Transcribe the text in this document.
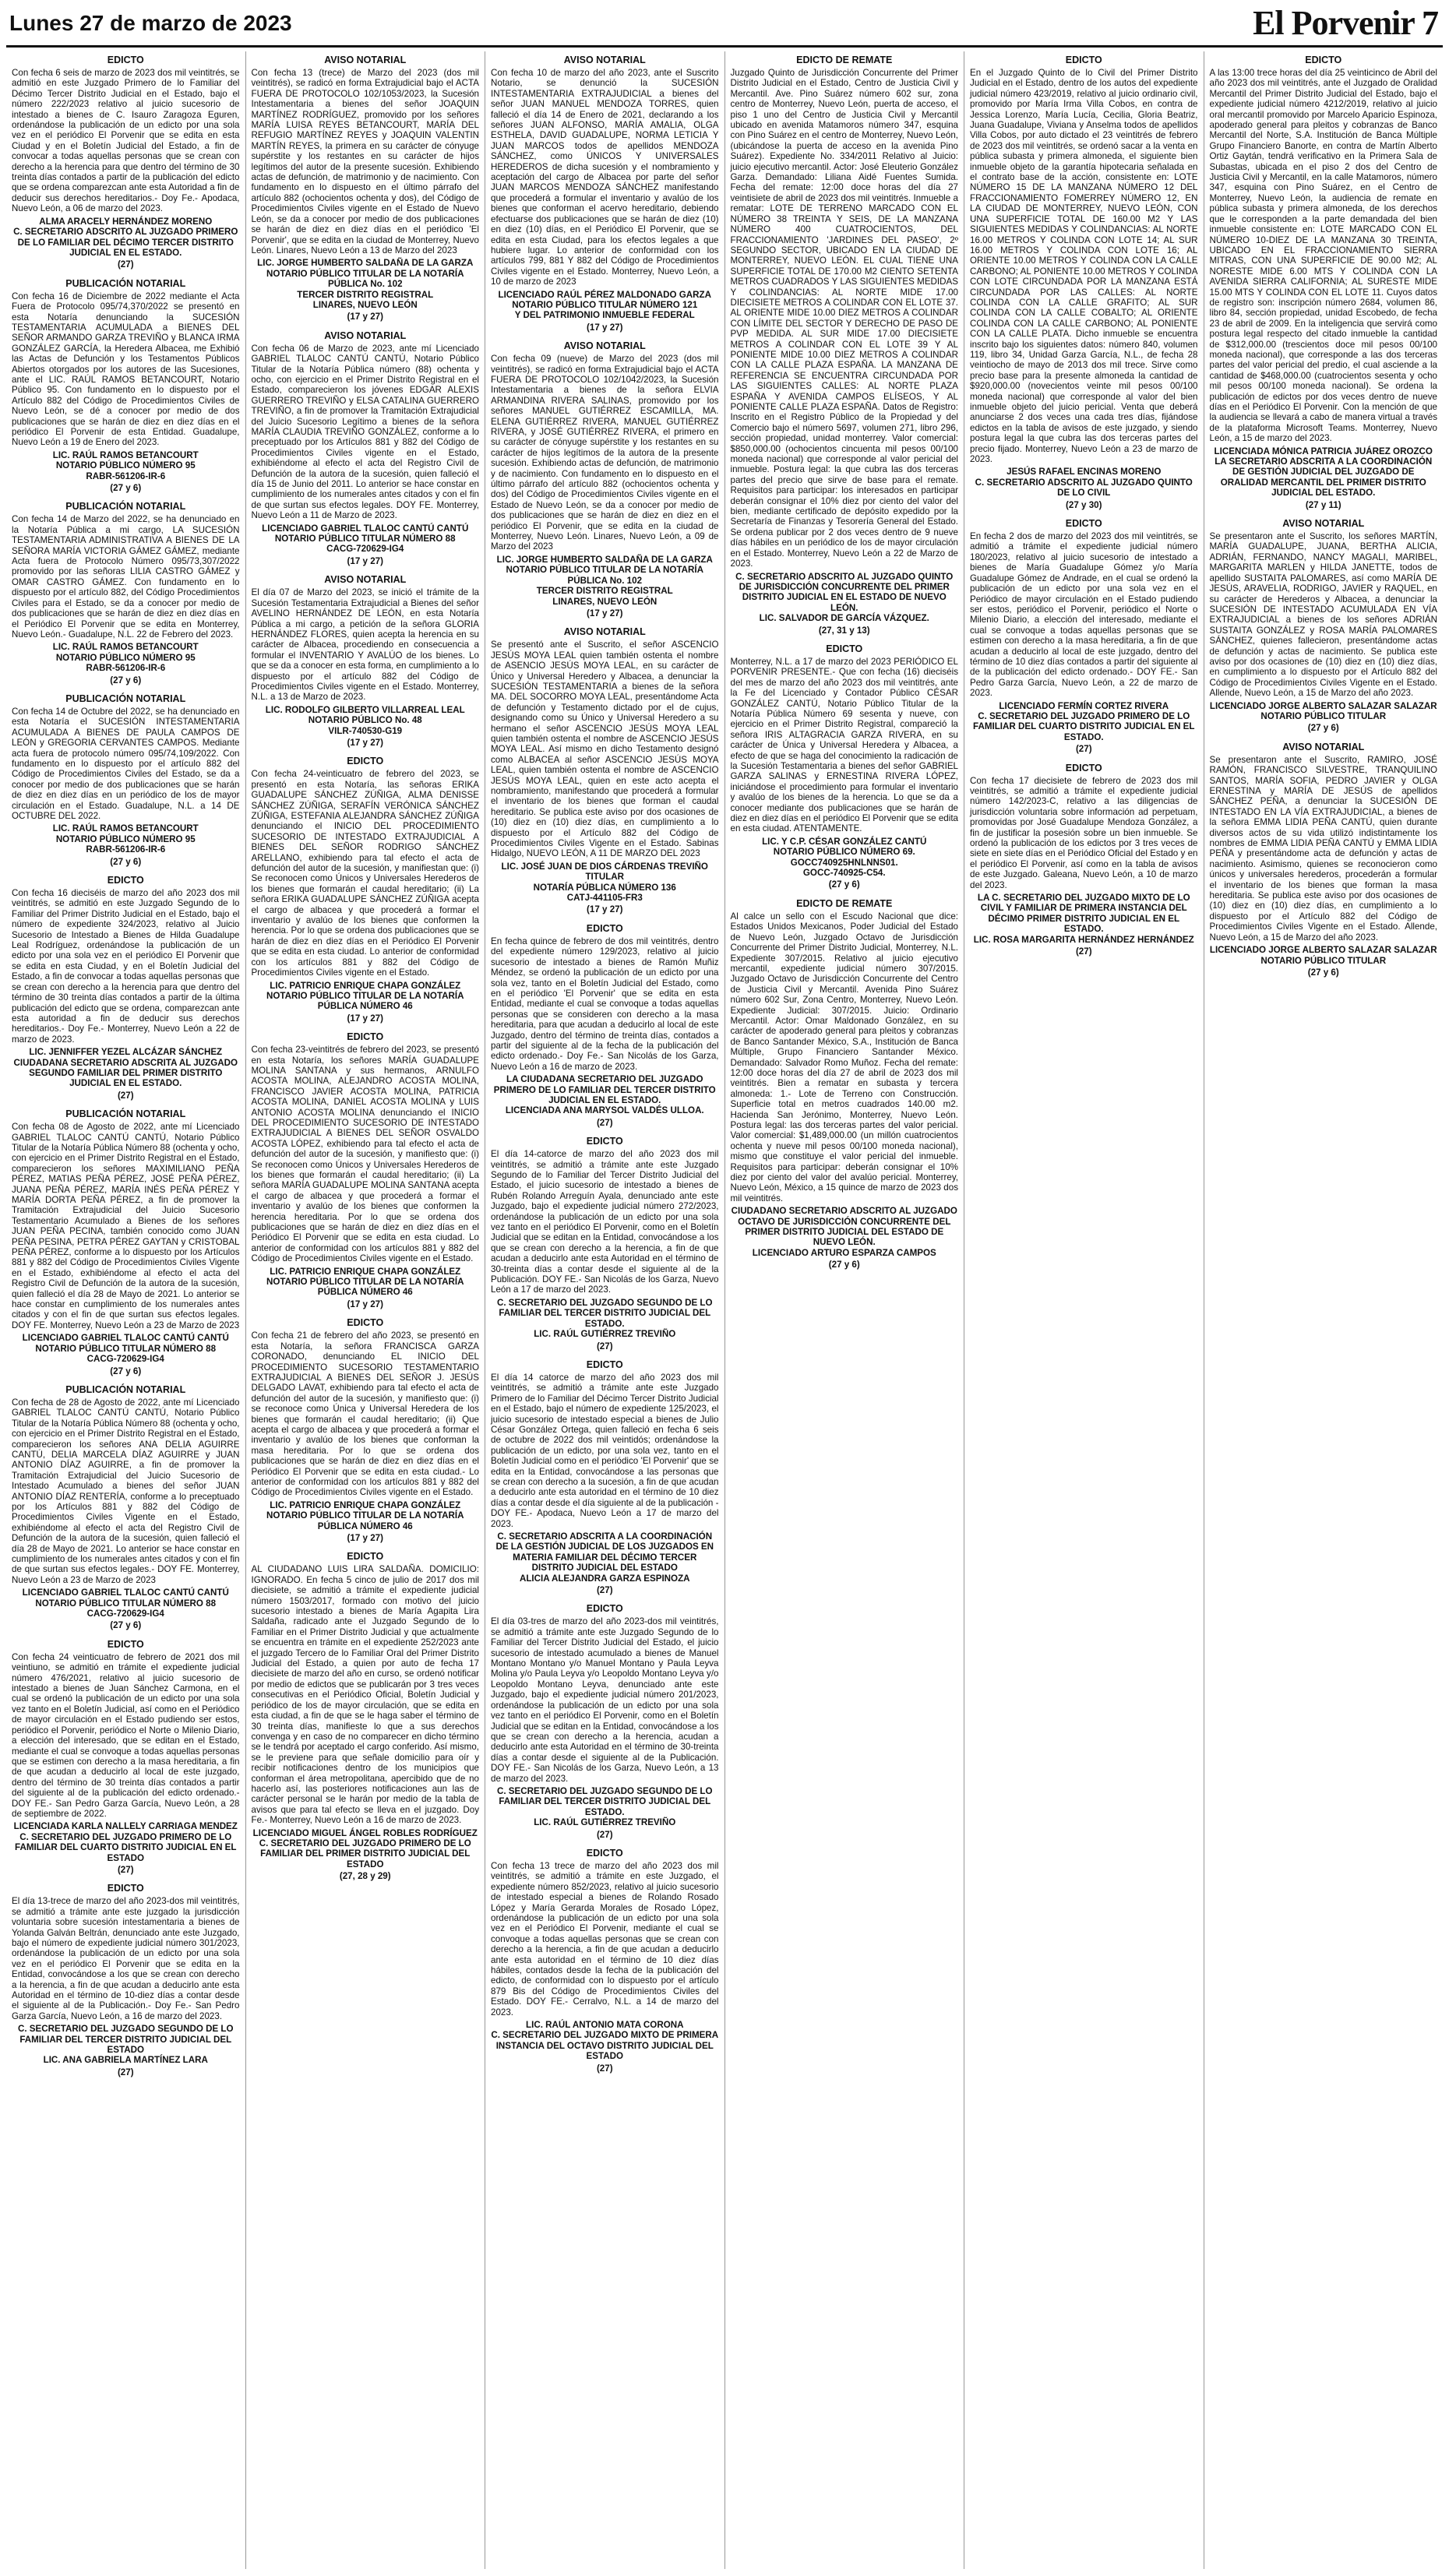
Lunes 27 de marzo de 2023	El Porvenir 7
EDICTO
Con fecha 6 seis de marzo de 2023 dos mil veintitrés, se admitió en este Juzgado Primero de lo Familiar del Décimo Tercer Distrito Judicial en el Estado, bajo el número 222/2023 relativo al juicio sucesorio de intestado a bienes de C. Isauro Zaragoza Eguren, ordenándose la publicación de un edicto por una sola vez en el periódico El Porvenir que se edita en esta Ciudad y en el Boletín Judicial del Estado, a fin de convocar a todas aquellas personas que se crean con derecho a la herencia para que dentro del término de 30 treinta días contados a partir de la publicación del edicto que se ordena comparezcan ante esta Autoridad a fin de deducir sus derechos hereditarios.- Doy Fe.- Apodaca, Nuevo León, a 06 de marzo del 2023.
ALMA ARACELY HERNÁNDEZ MORENO
C. SECRETARIO ADSCRITO AL JUZGADO PRIMERO DE LO FAMILIAR DEL DÉCIMO TERCER DISTRITO JUDICIAL EN EL ESTADO.
(27)
PUBLICACIÓN NOTARIAL
Con fecha 16 de Diciembre de 2022 mediante el Acta Fuera de Protocolo 095/74,370/2022 se presentó en esta Notaría denunciando la SUCESIÓN TESTAMENTARIA ACUMULADA a BIENES DEL SEÑOR ARMANDO GARZA TREVIÑO y BLANCA IRMA GONZÁLEZ GARCÍA, la Heredera Albacea, me Exhibió las Actas de Defunción y los Testamentos Públicos Abiertos otorgados por los autores de las Sucesiones, ante el LIC. RAÚL RAMOS BETANCOURT, Notario Público 95. Con fundamento en lo dispuesto por el Artículo 882 del Código de Procedimientos Civiles de Nuevo León, se dé a conocer por medio de dos publicaciones que se harán de diez en diez días en el periódico El Porvenir de esta Entidad. Guadalupe, Nuevo León a 19 de Enero del 2023.
LIC. RAÚL RAMOS BETANCOURT
NOTARIO PÚBLICO NÚMERO 95
RABR-561206-IR-6
(27 y 6)
PUBLICACIÓN NOTARIAL
Con fecha 14 de Marzo del 2022, se ha denunciado en la Notaría Pública a mi cargo, LA SUCESIÓN TESTAMENTARIA ADMINISTRATIVA A BIENES DE LA SEÑORA MARÍA VICTORIA GÁMEZ GÁMEZ, mediante Acta fuera de Protocolo Número 095/73,307/2022 promovido por las señoras LILIA CASTRO GÁMEZ y OMAR CASTRO GÁMEZ. Con fundamento en lo dispuesto por el artículo 882, del Código Procedimientos Civiles para el Estado, se da a conocer por medio de dos publicaciones que se harán de diez en diez días en el Periódico El Porvenir que se edita en Monterrey, Nuevo León.- Guadalupe, N.L. 22 de Febrero del 2023.
LIC. RAÚL RAMOS BETANCOURT
NOTARIO PÚBLICO NÚMERO 95
RABR-561206-IR-6
(27 y 6)
PUBLICACIÓN NOTARIAL
Con fecha 14 de Octubre del 2022, se ha denunciado en esta Notaría el SUCESIÓN INTESTAMENTARIA ACUMULADA A BIENES DE PAULA CAMPOS DE LEÓN y GREGORIA CERVANTES CAMPOS. Mediante acta fuera de protocolo número 095/74,109/2022. Con fundamento en lo dispuesto por el artículo 882 del Código de Procedimientos Civiles del Estado, se da a conocer por medio de dos publicaciones que se harán de diez en diez días en un periódico de los de mayor circulación en el Estado. Guadalupe, N.L. a 14 DE OCTUBRE DEL 2022.
LIC. RAÚL RAMOS BETANCOURT
NOTARIO PÚBLICO NÚMERO 95
RABR-561206-IR-6
(27 y 6)
EDICTO
Con fecha 16 dieciséis de marzo del año 2023 dos mil veintitrés, se admitió en este Juzgado Segundo de lo Familiar del Primer Distrito Judicial en el Estado, bajo el número de expediente 324/2023, relativo al Juicio Sucesorio de Intestado a Bienes de Hilda Guadalupe Leal Rodríguez, ordenándose la publicación de un edicto por una sola vez en el periódico El Porvenir que se edita en esta Ciudad, y en el Boletín Judicial del Estado, a fin de convocar a todas aquellas personas que se crean con derecho a la herencia para que dentro del término de 30 treinta días contados a partir de la última publicación del edicto que se ordena, comparezcan ante esta autoridad a fin de deducir sus derechos hereditarios.- Doy Fe.- Monterrey, Nuevo León a 22 de marzo de 2023.
LIC. JENNIFFER YEZEL ALCÁZAR SÁNCHEZ
CIUDADANA SECRETARIO ADSCRITA AL JUZGADO SEGUNDO FAMILIAR DEL PRIMER DISTRITO JUDICIAL EN EL ESTADO.
(27)
PUBLICACIÓN NOTARIAL
Con fecha 08 de Agosto de 2022, ante mí Licenciado GABRIEL TLALOC CANTÚ CANTÚ, Notario Público Titular de la Notaría Pública Número 88 (ochenta y ocho, con ejercicio en el Primer Distrito Registral en el Estado, comparecieron los señores MAXIMILIANO PEÑA PÉREZ, MATIAS PEÑA PÉREZ, JOSÉ PEÑA PÉREZ, JUANA PEÑA PÉREZ, MARÍA INÉS PEÑA PÉREZ Y MARÍA DORTA PEÑA PÉREZ, a fin de promover la Tramitación Extrajudicial del Juicio Sucesorio Testamentario Acumulado a Bienes de los señores JUAN PEÑA PECINA, también conocido como JUAN PEÑA PESINA, PETRA PÉREZ GAYTAN y CRISTOBAL PEÑA PÉREZ, conforme a lo dispuesto por los Artículos 881 y 882 del Código de Procedimientos Civiles Vigente en el Estado, exhibiéndome al efecto el acta del Registro Civil de Defunción de la autora de la sucesión, quien falleció el día 28 de Mayo de 2021. Lo anterior se hace constar en cumplimiento de los numerales antes citados y con el fin de que surtan sus efectos legales. DOY FE. Monterrey, Nuevo León a 23 de Marzo de 2023
LICENCIADO GABRIEL TLALOC CANTÚ CANTÚ
NOTARIO PÚBLICO TITULAR NÚMERO 88
CACG-720629-IG4
(27 y 6)
PUBLICACIÓN NOTARIAL
Con fecha de 28 de Agosto de 2022, ante mí Licenciado GABRIEL TLALOC CANTÚ CANTÚ, Notario Público Titular de la Notaría Pública Número 88 (ochenta y ocho, con ejercicio en el Primer Distrito Registral en el Estado, comparecieron los señores ANA DELIA AGUIRRE CANTÚ, DELIA MARCELA DÍAZ AGUIRRE y JUAN ANTONIO DÍAZ AGUIRRE, a fin de promover la Tramitación Extrajudicial del Juicio Sucesorio de Intestado Acumulado a bienes del señor JUAN ANTONIO DÍAZ RENTERÍA, conforme a lo preceptuado por los Artículos 881 y 882 del Código de Procedimientos Civiles Vigente en el Estado, exhibiéndome al efecto el acta del Registro Civil de Defunción de la autora de la sucesión, quien falleció el día 28 de Mayo de 2021. Lo anterior se hace constar en cumplimiento de los numerales antes citados y con el fin de que surtan sus efectos legales.- DOY FE. Monterrey, Nuevo León a 23 de Marzo de 2023
LICENCIADO GABRIEL TLALOC CANTÚ CANTÚ
NOTARIO PÚBLICO TITULAR NÚMERO 88
CACG-720629-IG4
(27 y 6)
EDICTO
Con fecha 24 veinticuatro de febrero de 2021 dos mil veintiuno, se admitió en trámite el expediente judicial número 476/2021, relativo al juicio sucesorio de intestado a bienes de Juan Sánchez Carmona, en el cual se ordenó la publicación de un edicto por una sola vez tanto en el Boletín Judicial, así como en el Periódico de mayor circulación en el Estado pudiendo ser estos, periódico el Porvenir, periódico el Norte o Milenio Diario, a elección del interesado, que se editan en el Estado, mediante el cual se convoque a todas aquellas personas que se estimen con derecho a la masa hereditaria, a fin de que acudan a deducirlo al local de este juzgado, dentro del término de 30 treinta días contados a partir del siguiente al de la publicación del edicto ordenado.- DOY FE.- San Pedro Garza García, Nuevo León, a 28 de septiembre de 2022.
LICENCIADA KARLA NALLELY CARRIAGA MENDEZ
C. SECRETARIO DEL JUZGADO PRIMERO DE LO FAMILIAR DEL CUARTO DISTRITO JUDICIAL EN EL ESTADO
(27)
EDICTO
El día 13-trece de marzo del año 2023-dos mil veintitrés, se admitió a trámite ante este juzgado la jurisdicción voluntaria sobre sucesión intestamentaria a bienes de Yolanda Galván Beltrán, denunciado ante este Juzgado, bajo el número de expediente judicial número 301/2023, ordenándose la publicación de un edicto por una sola vez en el periódico El Porvenir que se edita en la Entidad, convocándose a los que se crean con derecho a la herencia, a fin de que acudan a deducirlo ante esta Autoridad en el término de 10-diez días a contar desde el siguiente al de la Publicación.- Doy Fe.- San Pedro Garza García, Nuevo León, a 16 de marzo del 2023.
C. SECRETARIO DEL JUZGADO SEGUNDO DE LO FAMILIAR DEL TERCER DISTRITO JUDICIAL DEL ESTADO
LIC. ANA GABRIELA MARTÍNEZ LARA
(27)
AVISO NOTARIAL
Con fecha 13 (trece) de Marzo del 2023 (dos mil veintitrés), se radicó en forma Extrajudicial bajo el ACTA FUERA DE PROTOCOLO 102/1053/2023, la Sucesión Intestamentaria a bienes del señor JOAQUIN MARTÍNEZ RODRÍGUEZ, promovido por los señores MARÍA LUISA REYES BETANCOURT, MARÍA DEL REFUGIO MARTÍNEZ REYES y JOAQUIN VALENTIN MARTÍN REYES, la primera en su carácter de cónyuge supérstite y los restantes en su carácter de hijos legítimos del autor de la presente sucesión. Exhibiendo actas de defunción, de matrimonio y de nacimiento. Con fundamento en lo dispuesto en el último párrafo del artículo 882 (ochocientos ochenta y dos), del Código de Procedimientos Civiles vigente en el Estado de Nuevo León, se da a conocer por medio de dos publicaciones se harán de diez en diez días en el periódico 'El Porvenir', que se edita en la ciudad de Monterrey, Nuevo León. Linares, Nuevo León a 13 de Marzo del 2023
LIC. JORGE HUMBERTO SALDAÑA DE LA GARZA
NOTARIO PÚBLICO TITULAR DE LA NOTARÍA PÚBLICA No. 102
TERCER DISTRITO REGISTRAL
LINARES, NUEVO LEÓN
(17 y 27)
AVISO NOTARIAL
Con fecha 06 de Marzo de 2023, ante mí Licenciado GABRIEL TLALOC CANTÚ CANTÚ, Notario Público Titular de la Notaría Pública número (88) ochenta y ocho, con ejercicio en el Primer Distrito Registral en el Estado, comparecieron los jóvenes EDGAR ALEXIS GUERRERO TREVIÑO y ELSA CATALINA GUERRERO TREVIÑO, a fin de promover la Tramitación Extrajudicial del Juicio Sucesorio Legítimo a bienes de la señora MARÍA CLAUDIA TREVIÑO GONZÁLEZ, conforme a lo preceptuado por los Artículos 881 y 882 del Código de Procedimientos Civiles vigente en el Estado, exhibiéndome al efecto el acta del Registro Civil de Defunción de la autora de la sucesión, quien falleció el día 15 de Junio del 2011. Lo anterior se hace constar en cumplimiento de los numerales antes citados y con el fin de que surtan sus efectos legales. DOY FE. Monterrey, Nuevo León a 11 de Marzo de 2023.
LICENCIADO GABRIEL TLALOC CANTÚ CANTÚ
NOTARIO PÚBLICO TITULAR NÚMERO 88
CACG-720629-IG4
(17 y 27)
AVISO NOTARIAL
El día 07 de Marzo del 2023, se inició el trámite de la Sucesión Testamentaria Extrajudicial a Bienes del señor AVELINO HERNÁNDEZ DE LEÓN, en esta Notaría Pública a mi cargo, a petición de la señora GLORIA HERNÁNDEZ FLORES, quien acepta la herencia en su carácter de Albacea, procediendo en consecuencia a formular el INVENTARIO Y AVALÚO de los bienes. Lo que se da a conocer en esta forma, en cumplimiento a lo dispuesto por el artículo 882 del Código de Procedimientos Civiles vigente en el Estado. Monterrey, N.L. a 13 de Marzo de 2023.
LIC. RODOLFO GILBERTO VILLARREAL LEAL
NOTARIO PÚBLICO No. 48
VILR-740530-G19
(17 y 27)
EDICTO
Con fecha 24-veinticuatro de febrero del 2023, se presentó en esta Notaría, las señoras ERIKA GUADALUPE SÁNCHEZ ZÚÑIGA, ALMA DENISSE SÁNCHEZ ZÚÑIGA, SERAFÍN VERÓNICA SÁNCHEZ ZÚÑIGA, ESTEFANIA ALEJANDRA SÁNCHEZ ZÚÑIGA denunciando el INICIO DEL PROCEDIMIENTO SUCESORIO DE INTESTADO EXTRAJUDICIAL A BIENES DEL SEÑOR RODRIGO SÁNCHEZ ARELLANO, exhibiendo para tal efecto el acta de defunción del autor de la sucesión, y manifiestan que: (i) Se reconocen como Únicos y Universales Herederos de los bienes que formarán el caudal hereditario; (ii) La señora ERIKA GUADALUPE SÁNCHEZ ZÚÑIGA acepta el cargo de albacea y que procederá a formar el inventario y avalúo de los bienes que conformen la herencia. Por lo que se ordena dos publicaciones que se harán de diez en diez días en el Periódico El Porvenir que se edita en esta ciudad. Lo anterior de conformidad con los artículos 881 y 882 del Código de Procedimientos Civiles vigente en el Estado.
LIC. PATRICIO ENRIQUE CHAPA GONZÁLEZ
NOTARIO PÚBLICO TITULAR DE LA NOTARÍA PÚBLICA NÚMERO 46
(17 y 27)
EDICTO
Con fecha 23-veintitrés de febrero del 2023, se presentó en esta Notaría, los señores MARÍA GUADALUPE MOLINA SANTANA y sus hermanos, ARNULFO ACOSTA MOLINA, ALEJANDRO ACOSTA MOLINA, FRANCISCO JAVIER ACOSTA MOLINA, PATRICIA ACOSTA MOLINA, DANIEL ACOSTA MOLINA y LUIS ANTONIO ACOSTA MOLINA denunciando el INICIO DEL PROCEDIMIENTO SUCESORIO DE INTESTADO EXTRAJUDICIAL A BIENES DEL SEÑOR OSVALDO ACOSTA LÓPEZ, exhibiendo para tal efecto el acta de defunción del autor de la sucesión, y manifiesto que: (i) Se reconocen como Únicos y Universales Herederos de los bienes que formarán el caudal hereditario; (ii) La señora MARÍA GUADALUPE MOLINA SANTANA acepta el cargo de albacea y que procederá a formar el inventario y avalúo de los bienes que conformen la herencia hereditaria. Por lo que se ordena dos publicaciones que se harán de diez en diez días en el Periódico El Porvenir que se edita en esta ciudad. Lo anterior de conformidad con los artículos 881 y 882 del Código de Procedimientos Civiles vigente en el Estado.
LIC. PATRICIO ENRIQUE CHAPA GONZÁLEZ
NOTARIO PÚBLICO TITULAR DE LA NOTARÍA PÚBLICA NÚMERO 46
(17 y 27)
EDICTO
Con fecha 21 de febrero del año 2023, se presentó en esta Notaría, la señora FRANCISCA GARZA CORONADO, denunciando EL INICIO DEL PROCEDIMIENTO SUCESORIO TESTAMENTARIO EXTRAJUDICIAL A BIENES DEL SEÑOR J. JESÚS DELGADO LAVAT, exhibiendo para tal efecto el acta de defunción del autor de la sucesión, y manifiesto que: (i) se reconoce como Única y Universal Heredera de los bienes que formarán el caudal hereditario; (ii) Que acepta el cargo de albacea y que procederá a formar el inventario y avalúo de los bienes que conforman la masa hereditaria. Por lo que se ordena dos publicaciones que se harán de diez en diez días en el Periódico El Porvenir que se edita en esta ciudad.- Lo anterior de conformidad con los artículos 881 y 882 del Código de Procedimientos Civiles vigente en el Estado.
LIC. PATRICIO ENRIQUE CHAPA GONZÁLEZ
NOTARIO PÚBLICO TITULAR DE LA NOTARÍA PÚBLICA NÚMERO 46
(17 y 27)
EDICTO
AL CIUDADANO LUIS LIRA SALDAÑA. DOMICILIO: IGNORADO. En fecha 5 cinco de julio de 2017 dos mil diecisiete, se admitió a trámite el expediente judicial número 1503/2017, formado con motivo del juicio sucesorio intestado a bienes de María Agapita Lira Saldaña, radicado ante el Juzgado Segundo de lo Familiar en el Primer Distrito Judicial y que actualmente se encuentra en trámite en el expediente 252/2023 ante el juzgado Tercero de lo Familiar Oral del Primer Distrito Judicial del Estado, a quien por auto de fecha 17 diecisiete de marzo del año en curso, se ordenó notificar por medio de edictos que se publicarán por 3 tres veces consecutivas en el Periódico Oficial, Boletín Judicial y periódico de los de mayor circulación, que se edita en esta ciudad, a fin de que se le haga saber el término de 30 treinta días, manifieste lo que a sus derechos convenga y en caso de no comparecer en dicho término se le tendrá por aceptado el cargo conferido. Así mismo, se le previene para que señale domicilio para oír y recibir notificaciones dentro de los municipios que conforman el área metropolitana, apercibido que de no hacerlo así, las posteriores notificaciones aun las de carácter personal se le harán por medio de la tabla de avisos que para tal efecto se lleva en el juzgado. Doy Fe.- Monterrey, Nuevo León a 16 de marzo de 2023.
LICENCIADO MIGUEL ÁNGEL ROBLES RODRÍGUEZ
C. SECRETARIO DEL JUZGADO PRIMERO DE LO FAMILIAR DEL PRIMER DISTRITO JUDICIAL DEL ESTADO
(27, 28 y 29)
AVISO NOTARIAL
Con fecha 10 de marzo del año 2023, ante el Suscrito Notario, se denunció la SUCESIÓN INTESTAMENTARIA EXTRAJUDICIAL a bienes del señor JUAN MANUEL MENDOZA TORRES, quien falleció el día 14 de Enero de 2021, declarando a los señores JUAN ALFONSO, MARÍA AMALIA, OLGA ESTHELA, DAVID GUADALUPE, NORMA LETICIA Y JUAN MARCOS todos de apellidos MENDOZA SÁNCHEZ, como ÚNICOS Y UNIVERSALES HEREDEROS de dicha sucesión y el nombramiento y aceptación del cargo de Albacea por parte del señor JUAN MARCOS MENDOZA SÁNCHEZ manifestando que procederá a formular el inventario y avalúo de los bienes que conforman el acervo hereditario, debiendo efectuarse dos publicaciones que se harán de diez (10) en diez (10) días, en el Periódico El Porvenir, que se edita en esta Ciudad, para los efectos legales a que hubiere lugar. Lo anterior de conformidad con los artículos 799, 881 Y 882 del Código de Procedimientos Civiles vigente en el Estado. Monterrey, Nuevo León, a 10 de marzo de 2023
LICENCIADO RAÚL PÉREZ MALDONADO GARZA
NOTARIO PÚBLICO TITULAR NÚMERO 121
Y DEL PATRIMONIO INMUEBLE FEDERAL
(17 y 27)
AVISO NOTARIAL
Con fecha 09 (nueve) de Marzo del 2023 (dos mil veintitrés), se radicó en forma Extrajudicial bajo el ACTA FUERA DE PROTOCOLO 102/1042/2023, la Sucesión Intestamentaria a bienes de la señora ELVIA ARMANDINA RIVERA SALINAS, promovido por los señores MANUEL GUTIÉRREZ ESCAMILLA, MA. ELENA GUTIÉRREZ RIVERA, MANUEL GUTIÉRREZ RIVERA, y JOSÉ GUTIÉRREZ RIVERA, el primero en su carácter de cónyuge supérstite y los restantes en su carácter de hijos legítimos de la autora de la presente sucesión. Exhibiendo actas de defunción, de matrimonio y de nacimiento. Con fundamento en lo dispuesto en el último párrafo del artículo 882 (ochocientos ochenta y dos) del Código de Procedimientos Civiles vigente en el Estado de Nuevo León, se da a conocer por medio de dos publicaciones que se harán de diez en diez en el periódico El Porvenir, que se edita en la ciudad de Monterrey, Nuevo León. Linares, Nuevo León, a 09 de Marzo del 2023
LIC. JORGE HUMBERTO SALDAÑA DE LA GARZA
NOTARIO PÚBLICO TITULAR DE LA NOTARÍA PÚBLICA No. 102
TERCER DISTRITO REGISTRAL
LINARES, NUEVO LEÓN
(17 y 27)
AVISO NOTARIAL
Se presentó ante el Suscrito, el señor ASCENCIO JESÚS MOYA LEAL quien también ostenta el nombre de ASENCIO JESÚS MOYA LEAL, en su carácter de Único y Universal Heredero y Albacea, a denunciar la SUCESIÓN TESTAMENTARIA a bienes de la señora MA. DEL SOCORRO MOYA LEAL, presentándome Acta de defunción y Testamento dictado por el de cujus, designando como su Único y Universal Heredero a su hermano el señor ASCENCIO JESÚS MOYA LEAL quien también ostenta el nombre de ASCENCIO JESÚS MOYA LEAL. Así mismo en dicho Testamento designó como ALBACEA al señor ASCENCIO JESÚS MOYA LEAL, quien también ostenta el nombre de ASCENCIO JESÚS MOYA LEAL, quien en este acto acepta el nombramiento, manifestando que procederá a formular el inventario de los bienes que forman el caudal hereditario. Se publica este aviso por dos ocasiones de (10) diez en (10) diez días, en cumplimiento a lo dispuesto por el Artículo 882 del Código de Procedimientos Civiles Vigente en el Estado. Sabinas Hidalgo, NUEVO LEÓN, A 11 DE MARZO DEL 2023
LIC. JOSÉ JUAN DE DIOS CÁRDENAS TREVIÑO
TITULAR
NOTARÍA PÚBLICA NÚMERO 136
CATJ-441105-FR3
(17 y 27)
EDICTO
En fecha quince de febrero de dos mil veintitrés, dentro del expediente número 129/2023, relativo al juicio sucesorio de intestado a bienes de Ramón Muñiz Méndez, se ordenó la publicación de un edicto por una sola vez, tanto en el Boletín Judicial del Estado, como en el periódico 'El Porvenir' que se edita en esta Entidad, mediante el cual se convoque a todas aquellas personas que se consideren con derecho a la masa hereditaria, para que acudan a deducirlo al local de este Juzgado, dentro del término de treinta días, contados a partir del siguiente al de la fecha de la publicación del edicto ordenado.- Doy Fe.- San Nicolás de los Garza, Nuevo León a 16 de marzo de 2023.
LA CIUDADANA SECRETARIO DEL JUZGADO PRIMERO DE LO FAMILIAR DEL TERCER DISTRITO JUDICIAL EN EL ESTADO.
LICENCIADA ANA MARYSOL VALDÉS ULLOA.
(27)
EDICTO
El día 14-catorce de marzo del año 2023 dos mil veintitrés, se admitió a trámite ante este Juzgado Segundo de lo Familiar del Tercer Distrito Judicial del Estado, el juicio sucesorio de intestado a bienes de Rubén Rolando Arreguín Ayala, denunciado ante este Juzgado, bajo el expediente judicial número 272/2023, ordenándose la publicación de un edicto por una sola vez tanto en el periódico El Porvenir, como en el Boletín Judicial que se editan en la Entidad, convocándose a los que se crean con derecho a la herencia, a fin de que acudan a deducirlo ante esta Autoridad en el término de 30-treinta días a contar desde el siguiente al de la Publicación. DOY FE.- San Nicolás de los Garza, Nuevo León a 17 de marzo del 2023.
C. SECRETARIO DEL JUZGADO SEGUNDO DE LO FAMILIAR DEL TERCER DISTRITO JUDICIAL DEL ESTADO.
LIC. RAÚL GUTIÉRREZ TREVIÑO
(27)
EDICTO
El día 14 catorce de marzo del año 2023 dos mil veintitrés, se admitió a trámite ante este Juzgado Primero de lo Familiar del Décimo Tercer Distrito Judicial en el Estado, bajo el número de expediente 125/2023, el juicio sucesorio de intestado especial a bienes de Julio César González Ortega, quien falleció en fecha 6 seis de octubre de 2022 dos mil veintidós; ordenándose la publicación de un edicto, por una sola vez, tanto en el Boletín Judicial como en el periódico 'El Porvenir' que se edita en la Entidad, convocándose a las personas que se crean con derecho a la sucesión, a fin de que acudan a deducirlo ante esta autoridad en el término de 10 diez días a contar desde el día siguiente al de la publicación - DOY FE.- Apodaca, Nuevo León a 17 de marzo del 2023.
C. SECRETARIO ADSCRITA A LA COORDINACIÓN DE LA GESTIÓN JUDICIAL DE LOS JUZGADOS EN MATERIA FAMILIAR DEL DÉCIMO TERCER DISTRITO JUDICIAL DEL ESTADO
ALICIA ALEJANDRA GARZA ESPINOZA
(27)
EDICTO
El día 03-tres de marzo del año 2023-dos mil veintitrés, se admitió a trámite ante este Juzgado Segundo de lo Familiar del Tercer Distrito Judicial del Estado, el juicio sucesorio de intestado acumulado a bienes de Manuel Montano Montano y/o Manuel Montano y Paula Leyva Molina y/o Paula Leyva y/o Leopoldo Montano Leyva y/o Leopoldo Montano Leyva, denunciado ante este Juzgado, bajo el expediente judicial número 201/2023, ordenándose la publicación de un edicto por una sola vez tanto en el periódico El Porvenir, como en el Boletín Judicial que se editan en la Entidad, convocándose a los que se crean con derecho a la herencia, acudan a deducirlo ante esta Autoridad en el término de 30-treinta días a contar desde el siguiente al de la Publicación. DOY FE.- San Nicolás de los Garza, Nuevo León, a 13 de marzo del 2023.
C. SECRETARIO DEL JUZGADO SEGUNDO DE LO FAMILIAR DEL TERCER DISTRITO JUDICIAL DEL ESTADO.
LIC. RAÚL GUTIÉRREZ TREVIÑO
(27)
EDICTO
Con fecha 13 trece de marzo del año 2023 dos mil veintitrés, se admitió a trámite en este Juzgado, el expediente número 852/2023, relativo al juicio sucesorio de intestado especial a bienes de Rolando Rosado López y María Gerarda Morales de Rosado López, ordenándose la publicación de un edicto por una sola vez en el Periódico El Porvenir, mediante el cual se convoque a todas aquellas personas que se crean con derecho a la herencia, a fin de que acudan a deducirlo ante esta autoridad en el término de 10 diez días hábiles, contados desde la fecha de la publicación del edicto, de conformidad con lo dispuesto por el artículo 879 Bis del Código de Procedimientos Civiles del Estado. DOY FE.- Cerralvo, N.L. a 14 de marzo del 2023.
LIC. RAÚL ANTONIO MATA CORONA
C. SECRETARIO DEL JUZGADO MIXTO DE PRIMERA INSTANCIA DEL OCTAVO DISTRITO JUDICIAL DEL ESTADO
(27)
EDICTO DE REMATE
Juzgado Quinto de Jurisdicción Concurrente del Primer Distrito Judicial en el Estado, Centro de Justicia Civil y Mercantil. Ave. Pino Suárez número 602 sur, zona centro de Monterrey, Nuevo León, puerta de acceso, el piso 1 uno del Centro de Justicia Civil y Mercantil ubicado en avenida Matamoros número 347, esquina con Pino Suárez en el centro de Monterrey, Nuevo León, (ubicándose la puerta de acceso en la avenida Pino Suárez). Expediente No. 334/2011 Relativo al Juicio: juicio ejecutivo mercantil. Actor: José Eleuterio González Garza. Demandado: Liliana Aidé Fuentes Sumida. Fecha del remate: 12:00 doce horas del día 27 veintisiete de abril de 2023 dos mil veintitrés. Inmueble a rematar: LOTE DE TERRENO MARCADO CON EL NÚMERO 38 TREINTA Y SEIS, DE LA MANZANA NÚMERO 400 CUATROCIENTOS, DEL FRACCIONAMIENTO 'JARDINES DEL PASEO', 2º SEGUNDO SECTOR, UBICADO EN LA CIUDAD DE MONTERREY, NUEVO LEÓN. EL CUAL TIENE UNA SUPERFICIE TOTAL DE 170.00 M2 CIENTO SETENTA METROS CUADRADOS Y LAS SIGUIENTES MEDIDAS Y COLINDANCIAS: AL NORTE MIDE 17.00 DIECISIETE METROS A COLINDAR CON EL LOTE 37. AL ORIENTE MIDE 10.00 DIEZ METROS A COLINDAR CON LÍMITE DEL SECTOR Y DERECHO DE PASO DE PVP MEDIDA. AL SUR MIDE 17.00 DIECISIETE METROS A COLINDAR CON EL LOTE 39 Y AL PONIENTE MIDE 10.00 DIEZ METROS A COLINDAR CON LA CALLE PLAZA ESPAÑA. LA MANZANA DE REFERENCIA SE ENCUENTRA CIRCUNDADA POR LAS SIGUIENTES CALLES: AL NORTE PLAZA ESPAÑA Y AVENIDA CAMPOS ELÍSEOS, Y AL PONIENTE CALLE PLAZA ESPAÑA. Datos de Registro: Inscrito en el Registro Público de la Propiedad y del Comercio bajo el número 5697, volumen 271, libro 296, sección propiedad, unidad monterrey. Valor comercial: $850,000.00 (ochocientos cincuenta mil pesos 00/100 moneda nacional) que corresponde al valor pericial del inmueble. Postura legal: la que cubra las dos terceras partes del precio que sirve de base para el remate. Requisitos para participar: los interesados en participar deberán consignar el 10% diez por ciento del valor del bien, mediante certificado de depósito expedido por la Secretaría de Finanzas y Tesorería General del Estado. Se ordena publicar por 2 dos veces dentro de 9 nueve días hábiles en un periódico de los de mayor circulación en el Estado. Monterrey, Nuevo León a 22 de Marzo de 2023.
C. SECRETARIO ADSCRITO AL JUZGADO QUINTO DE JURISDICCIÓN CONCURRENTE DEL PRIMER DISTRITO JUDICIAL EN EL ESTADO DE NUEVO LEÓN.
LIC. SALVADOR DE GARCÍA VÁZQUEZ.
(27, 31 y 13)
EDICTO
Monterrey, N.L. a 17 de marzo del 2023 PERIÓDICO EL PORVENIR PRESENTE.- Que con fecha (16) dieciséis del mes de marzo del año 2023 dos mil veintitrés, ante la Fe del Licenciado y Contador Público CÉSAR GONZÁLEZ CANTÚ, Notario Público Titular de la Notaría Pública Número 69 sesenta y nueve, con ejercicio en el Primer Distrito Registral, compareció la señora IRIS ALTAGRACIA GARZA RIVERA, en su carácter de Única y Universal Heredera y Albacea, a efecto de que se haga del conocimiento la radicación de la Sucesión Testamentaria a bienes del señor GABRIEL GARZA SALINAS y ERNESTINA RIVERA LÓPEZ, iniciándose el procedimiento para formular el inventario y avalúo de los bienes de la herencia. Lo que se da a conocer mediante dos publicaciones que se harán de diez en diez días en el periódico El Porvenir que se edita en esta ciudad. ATENTAMENTE.
LIC. Y C.P. CÉSAR GONZÁLEZ CANTÚ
NOTARIO PÚBLICO NÚMERO 69.
GOCC740925HNLNNS01.
GOCC-740925-C54.
(27 y 6)
EDICTO DE REMATE
Al calce un sello con el Escudo Nacional que dice: Estados Unidos Mexicanos, Poder Judicial del Estado de Nuevo León, Juzgado Octavo de Jurisdicción Concurrente del Primer Distrito Judicial, Monterrey, N.L. Expediente 307/2015. Relativo al juicio ejecutivo mercantil, expediente judicial número 307/2015. Juzgado Octavo de Jurisdicción Concurrente del Centro de Justicia Civil y Mercantil. Avenida Pino Suárez número 602 Sur, Zona Centro, Monterrey, Nuevo León. Expediente Judicial: 307/2015. Juicio: Ordinario Mercantil. Actor: Omar Maldonado González, en su carácter de apoderado general para pleitos y cobranzas de Banco Santander México, S.A., Institución de Banca Múltiple, Grupo Financiero Santander México. Demandado: Salvador Romo Muñoz. Fecha del remate: 12:00 doce horas del día 27 de abril de 2023 dos mil veintitrés. Bien a rematar en subasta y tercera almoneda: 1.- Lote de Terreno con Construcción. Superficie total en metros cuadrados 140.00 m2. Hacienda San Jerónimo, Monterrey, Nuevo León. Postura legal: las dos terceras partes del valor pericial. Valor comercial: $1,489,000.00 (un millón cuatrocientos ochenta y nueve mil pesos 00/100 moneda nacional), mismo que constituye el valor pericial del inmueble. Requisitos para participar: deberán consignar el 10% diez por ciento del valor del avalúo pericial. Monterrey, Nuevo León, México, a 15 quince de marzo de 2023 dos mil veintitrés.
CIUDADANO SECRETARIO ADSCRITO AL JUZGADO OCTAVO DE JURISDICCIÓN CONCURRENTE DEL PRIMER DISTRITO JUDICIAL DEL ESTADO DE NUEVO LEÓN.
LICENCIADO ARTURO ESPARZA CAMPOS
(27 y 6)
EDICTO
En el Juzgado Quinto de lo Civil del Primer Distrito Judicial en el Estado, dentro de los autos del expediente judicial número 423/2019, relativo al juicio ordinario civil, promovido por María Irma Villa Cobos, en contra de Jessica Lorenzo, María Lucía, Cecilia, Gloria Beatriz, Juana Guadalupe, Viviana y Anselma todos de apellidos Villa Cobos, por auto dictado el 23 veintitrés de febrero de 2023 dos mil veintitrés, se ordenó sacar a la venta en pública subasta y primera almoneda, el siguiente bien inmueble objeto de la garantía hipotecaria señalada en el contrato base de la acción, consistente en: LOTE NÚMERO 15 DE LA MANZANA NÚMERO 12 DEL FRACCIONAMIENTO FOMERREY NÚMERO 12, EN LA CIUDAD DE MONTERREY, NUEVO LEÓN, CON UNA SUPERFICIE TOTAL DE 160.00 M2 Y LAS SIGUIENTES MEDIDAS Y COLINDANCIAS: AL NORTE 16.00 METROS Y COLINDA CON LOTE 14; AL SUR 16.00 METROS Y COLINDA CON LOTE 16; AL ORIENTE 10.00 METROS Y COLINDA CON LA CALLE CARBONO; AL PONIENTE 10.00 METROS Y COLINDA CON LOTE CIRCUNDADA POR LA MANZANA ESTÁ CIRCUNDADA POR LAS CALLES: AL NORTE COLINDA CON LA CALLE GRAFITO; AL SUR COLINDA CON LA CALLE COBALTO; AL ORIENTE COLINDA CON LA CALLE CARBONO; AL PONIENTE CON LA CALLE PLATA. Dicho inmueble se encuentra inscrito bajo los siguientes datos: número 840, volumen 119, libro 34, Unidad Garza García, N.L., de fecha 28 veintiocho de mayo de 2013 dos mil trece. Sirve como precio base para la presente almoneda la cantidad de $920,000.00 (novecientos veinte mil pesos 00/100 moneda nacional) que corresponde al valor del bien inmueble objeto del juicio pericial. Venta que deberá anunciarse 2 dos veces una cada tres días, fijándose edictos en la tabla de avisos de este juzgado, y siendo postura legal la que cubra las dos terceras partes del precio fijado. Monterrey, Nuevo León a 23 de marzo de 2023.
JESÚS RAFAEL ENCINAS MORENO
C. SECRETARIO ADSCRITO AL JUZGADO QUINTO DE LO CIVIL
(27 y 30)
EDICTO
En fecha 2 dos de marzo del 2023 dos mil veintitrés, se admitió a trámite el expediente judicial número 180/2023, relativo al juicio sucesorio de intestado a bienes de María Guadalupe Gómez y/o María Guadalupe Gómez de Andrade, en el cual se ordenó la publicación de un edicto por una sola vez en el Periódico de mayor circulación en el Estado pudiendo ser estos, periódico el Porvenir, periódico el Norte o Milenio Diario, a elección del interesado, mediante el cual se convoque a todas aquellas personas que se estimen con derecho a la masa hereditaria, a fin de que acudan a deducirlo al local de este juzgado, dentro del término de 10 diez días contados a partir del siguiente al de la publicación del edicto ordenado.- DOY FE.- San Pedro Garza García, Nuevo León, a 22 de marzo de 2023.
LICENCIADO FERMÍN CORTEZ RIVERA
C. SECRETARIO DEL JUZGADO PRIMERO DE LO FAMILIAR DEL CUARTO DISTRITO JUDICIAL EN EL ESTADO.
(27)
EDICTO
Con fecha 17 diecisiete de febrero de 2023 dos mil veintitrés, se admitió a trámite el expediente judicial número 142/2023-C, relativo a las diligencias de jurisdicción voluntaria sobre información ad perpetuam, promovidas por José Guadalupe Mendoza González, a fin de justificar la posesión sobre un bien inmueble. Se ordenó la publicación de los edictos por 3 tres veces de siete en siete días en el Periódico Oficial del Estado y en el periódico El Porvenir, así como en la tabla de avisos de este Juzgado. Galeana, Nuevo León, a 10 de marzo del 2023.
LA C. SECRETARIO DEL JUZGADO MIXTO DE LO CIVIL Y FAMILIAR DE PRIMERA INSTANCIA DEL DÉCIMO PRIMER DISTRITO JUDICIAL EN EL ESTADO.
LIC. ROSA MARGARITA HERNÁNDEZ HERNÁNDEZ
(27)
EDICTO
A las 13:00 trece horas del día 25 veinticinco de Abril del año 2023 dos mil veintitrés, ante el Juzgado de Oralidad Mercantil del Primer Distrito Judicial del Estado, bajo el expediente judicial número 4212/2019, relativo al juicio oral mercantil promovido por Marcelo Aparicio Espinoza, apoderado general para pleitos y cobranzas de Banco Mercantil del Norte, S.A. Institución de Banca Múltiple Grupo Financiero Banorte, en contra de Martín Alberto Ortiz Gaytán, tendrá verificativo en la Primera Sala de Subastas, ubicada en el piso 2 dos del Centro de Justicia Civil y Mercantil, en la calle Matamoros, número 347, esquina con Pino Suárez, en el Centro de Monterrey, Nuevo León, la audiencia de remate en pública subasta y primera almoneda, de los derechos que le corresponden a la parte demandada del bien inmueble consistente en: LOTE MARCADO CON EL NÚMERO 10-DIEZ DE LA MANZANA 30 TREINTA, UBICADO EN EL FRACCIONAMIENTO SIERRA MITRAS, CON UNA SUPERFICIE DE 90.00 M2; AL NORESTE MIDE 6.00 MTS Y COLINDA CON LA AVENIDA SIERRA CALIFORNIA; AL SURESTE MIDE 15.00 MTS Y COLINDA CON EL LOTE 11. Cuyos datos de registro son: inscripción número 2684, volumen 86, libro 84, sección propiedad, unidad Escobedo, de fecha 23 de abril de 2009. En la inteligencia que servirá como postura legal respecto del citado inmueble la cantidad de $312,000.00 (trescientos doce mil pesos 00/100 moneda nacional), que corresponde a las dos terceras partes del valor pericial del predio, el cual asciende a la cantidad de $468,000.00 (cuatrocientos sesenta y ocho mil pesos 00/100 moneda nacional). Se ordena la publicación de edictos por dos veces dentro de nueve días en el Periódico El Porvenir. Con la mención de que la audiencia se llevará a cabo de manera virtual a través de la plataforma Microsoft Teams. Monterrey, Nuevo León, a 15 de marzo del 2023.
LICENCIADA MÓNICA PATRICIA JUÁREZ OROZCO
LA SECRETARIO ADSCRITA A LA COORDINACIÓN DE GESTIÓN JUDICIAL DEL JUZGADO DE ORALIDAD MERCANTIL DEL PRIMER DISTRITO JUDICIAL DEL ESTADO.
(27 y 11)
AVISO NOTARIAL
Se presentaron ante el Suscrito, los señores MARTÍN, MARÍA GUADALUPE, JUANA, BERTHA ALICIA, ADRIÁN, FERNANDO, NANCY MAGALI, MARIBEL, MARGARITA MARLEN y HILDA JANETTE, todos de apellido SUSTAITA PALOMARES, así como MARÍA DE JESÚS, ARAVELIA, RODRIGO, JAVIER y RAQUEL, en su carácter de Herederos y Albacea, a denunciar la SUCESIÓN DE INTESTADO ACUMULADA EN VÍA EXTRAJUDICIAL a bienes de los señores ADRIÁN SUSTAITA GONZÁLEZ y ROSA MARÍA PALOMARES SÁNCHEZ, quienes fallecieron, presentándome actas de defunción y actas de nacimiento. Se publica este aviso por dos ocasiones de (10) diez en (10) diez días, en cumplimiento a lo dispuesto por el Artículo 882 del Código de Procedimientos Civiles Vigente en el Estado. Allende, Nuevo León, a 15 de Marzo del año 2023.
LICENCIADO JORGE ALBERTO SALAZAR SALAZAR
NOTARIO PÚBLICO TITULAR
(27 y 6)
AVISO NOTARIAL
Se presentaron ante el Suscrito, RAMIRO, JOSÉ RAMÓN, FRANCISCO SILVESTRE, TRANQUILINO SANTOS, MARÍA SOFIA, PEDRO JAVIER y OLGA ERNESTINA y MARÍA DE JESÚS de apellidos SÁNCHEZ PEÑA, a denunciar la SUCESIÓN DE INTESTADO EN LA VÍA EXTRAJUDICIAL, a bienes de la señora EMMA LIDIA PEÑA CANTÚ, quien durante diversos actos de su vida utilizó indistintamente los nombres de EMMA LIDIA PEÑA CANTÚ y EMMA LIDIA PEÑA y presentándome acta de defunción y actas de nacimiento. Asimismo, quienes se reconocieron como únicos y universales herederos, procederán a formular el inventario de los bienes que forman la masa hereditaria. Se publica este aviso por dos ocasiones de (10) diez en (10) diez días, en cumplimiento a lo dispuesto por el Artículo 882 del Código de Procedimientos Civiles Vigente en el Estado. Allende, Nuevo León, a 15 de Marzo del año 2023.
LICENCIADO JORGE ALBERTO SALAZAR SALAZAR
NOTARIO PÚBLICO TITULAR
(27 y 6)
